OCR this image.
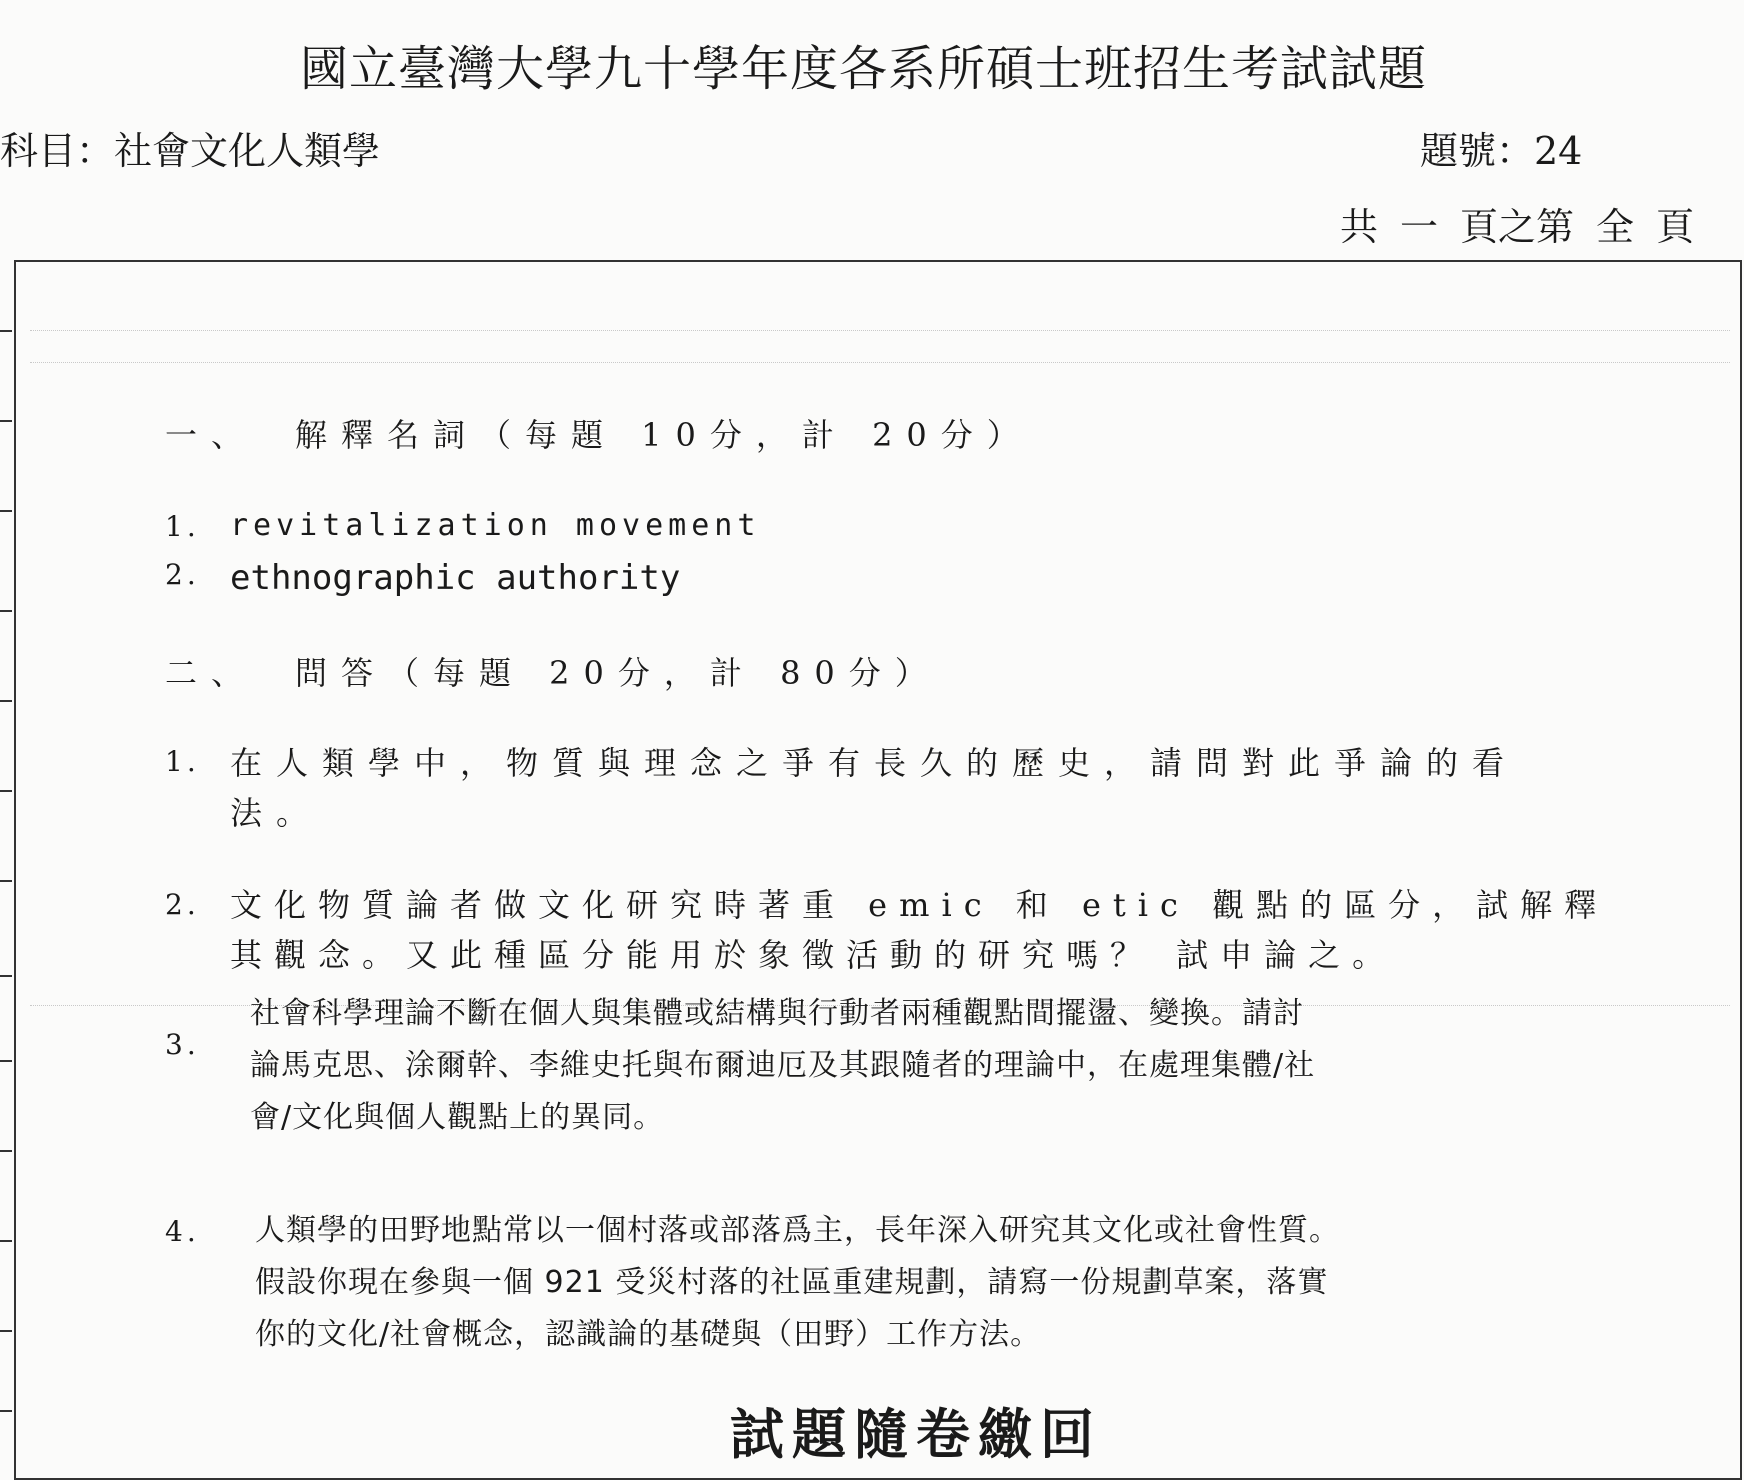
國立臺灣大學九十學年度各系所碩士班招生考試試題
科目：社會文化人類學	題號：24
共 一 頁之第 全 頁
一、 解釋名詞（每題 10分，計 20分）
1. revitalization movement
2. ethnographic authority
二、 問答（每題 20分，計 80分）
1. 在人類學中，物質與理念之爭有長久的歷史，請問對此爭論的看
法。
2. 文化物質論者做文化研究時著重 emic 和 etic 觀點的區分，試解釋
其觀念。又此種區分能用於象徵活動的研究嗎？ 試申論之。
3.
社會科學理論不斷在個人與集體或結構與行動者兩種觀點間擺盪、變換。請討
論馬克思、涂爾幹、李維史托與布爾迪厄及其跟隨者的理論中，在處理集體/社
會/文化與個人觀點上的異同。
4. 人類學的田野地點常以一個村落或部落爲主，長年深入研究其文化或社會性質。
假設你現在參與一個 921 受災村落的社區重建規劃，請寫一份規劃草案，落實
你的文化/社會概念，認識論的基礎與（田野）工作方法。
試題隨卷繳回
